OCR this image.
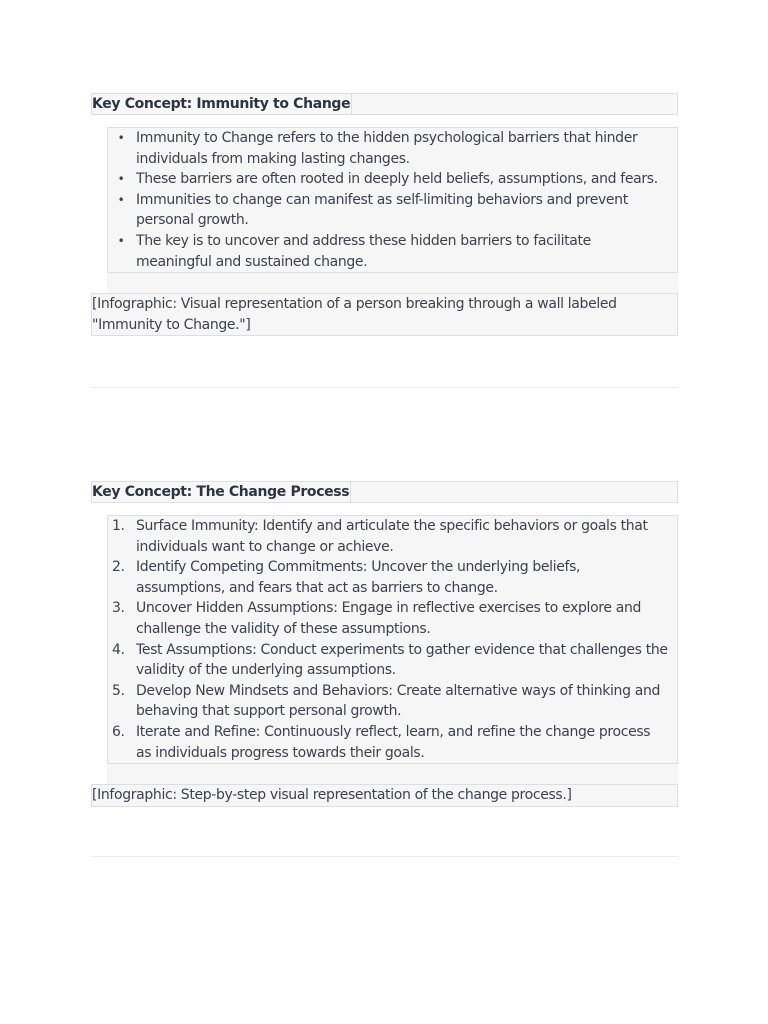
Key Concept: Immunity to Change
• Immunity to Change refers to the hidden psychological barriers that hinder individuals from making lasting changes.
• These barriers are often rooted in deeply held beliefs, assumptions, and fears.
• Immunities to change can manifest as self-limiting behaviors and prevent personal growth.
• The key is to uncover and address these hidden barriers to facilitate meaningful and sustained change.
[Infographic: Visual representation of a person breaking through a wall labeled "Immunity to Change."]
Key Concept: The Change Process
1. Surface Immunity: Identify and articulate the specific behaviors or goals that individuals want to change or achieve.
2. Identify Competing Commitments: Uncover the underlying beliefs, assumptions, and fears that act as barriers to change.
3. Uncover Hidden Assumptions: Engage in reflective exercises to explore and challenge the validity of these assumptions.
4. Test Assumptions: Conduct experiments to gather evidence that challenges the validity of the underlying assumptions.
5. Develop New Mindsets and Behaviors: Create alternative ways of thinking and behaving that support personal growth.
6. Iterate and Refine: Continuously reflect, learn, and refine the change process as individuals progress towards their goals.
[Infographic: Step-by-step visual representation of the change process.]
